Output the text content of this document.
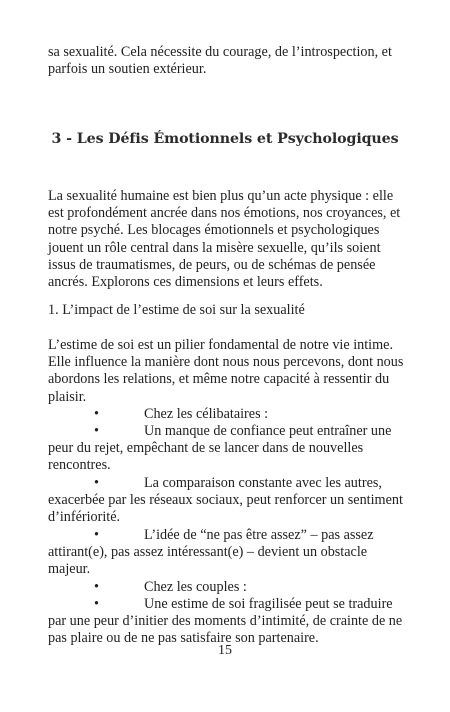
sa sexualité. Cela nécessite du courage, de l’introspection, et parfois un soutien extérieur.

3 - Les Défis Émotionnels et Psychologiques

La sexualité humaine est bien plus qu’un acte physique : elle est profondément ancrée dans nos émotions, nos croyances, et notre psyché. Les blocages émotionnels et psychologiques jouent un rôle central dans la misère sexuelle, qu’ils soient issus de traumatismes, de peurs, ou de schémas de pensée ancrés. Explorons ces dimensions et leurs effets.

1. L’impact de l’estime de soi sur la sexualité

L’estime de soi est un pilier fondamental de notre vie intime. Elle influence la manière dont nous nous percevons, dont nous abordons les relations, et même notre capacité à ressentir du plaisir.

•	Chez les célibataires :
•	Un manque de confiance peut entraîner une
peur du rejet, empêchant de se lancer dans de nouvelles rencontres.
•	La comparaison constante avec les autres,
exacerbée par les réseaux sociaux, peut renforcer un sentiment d’infériorité.
•	L’idée de “ne pas être assez” – pas assez
attirant(e), pas assez intéressant(e) – devient un obstacle majeur.
•	Chez les couples :
•	Une estime de soi fragilisée peut se traduire
par une peur d’initier des moments d’intimité, de crainte de ne pas plaire ou de ne pas satisfaire son partenaire.
15
